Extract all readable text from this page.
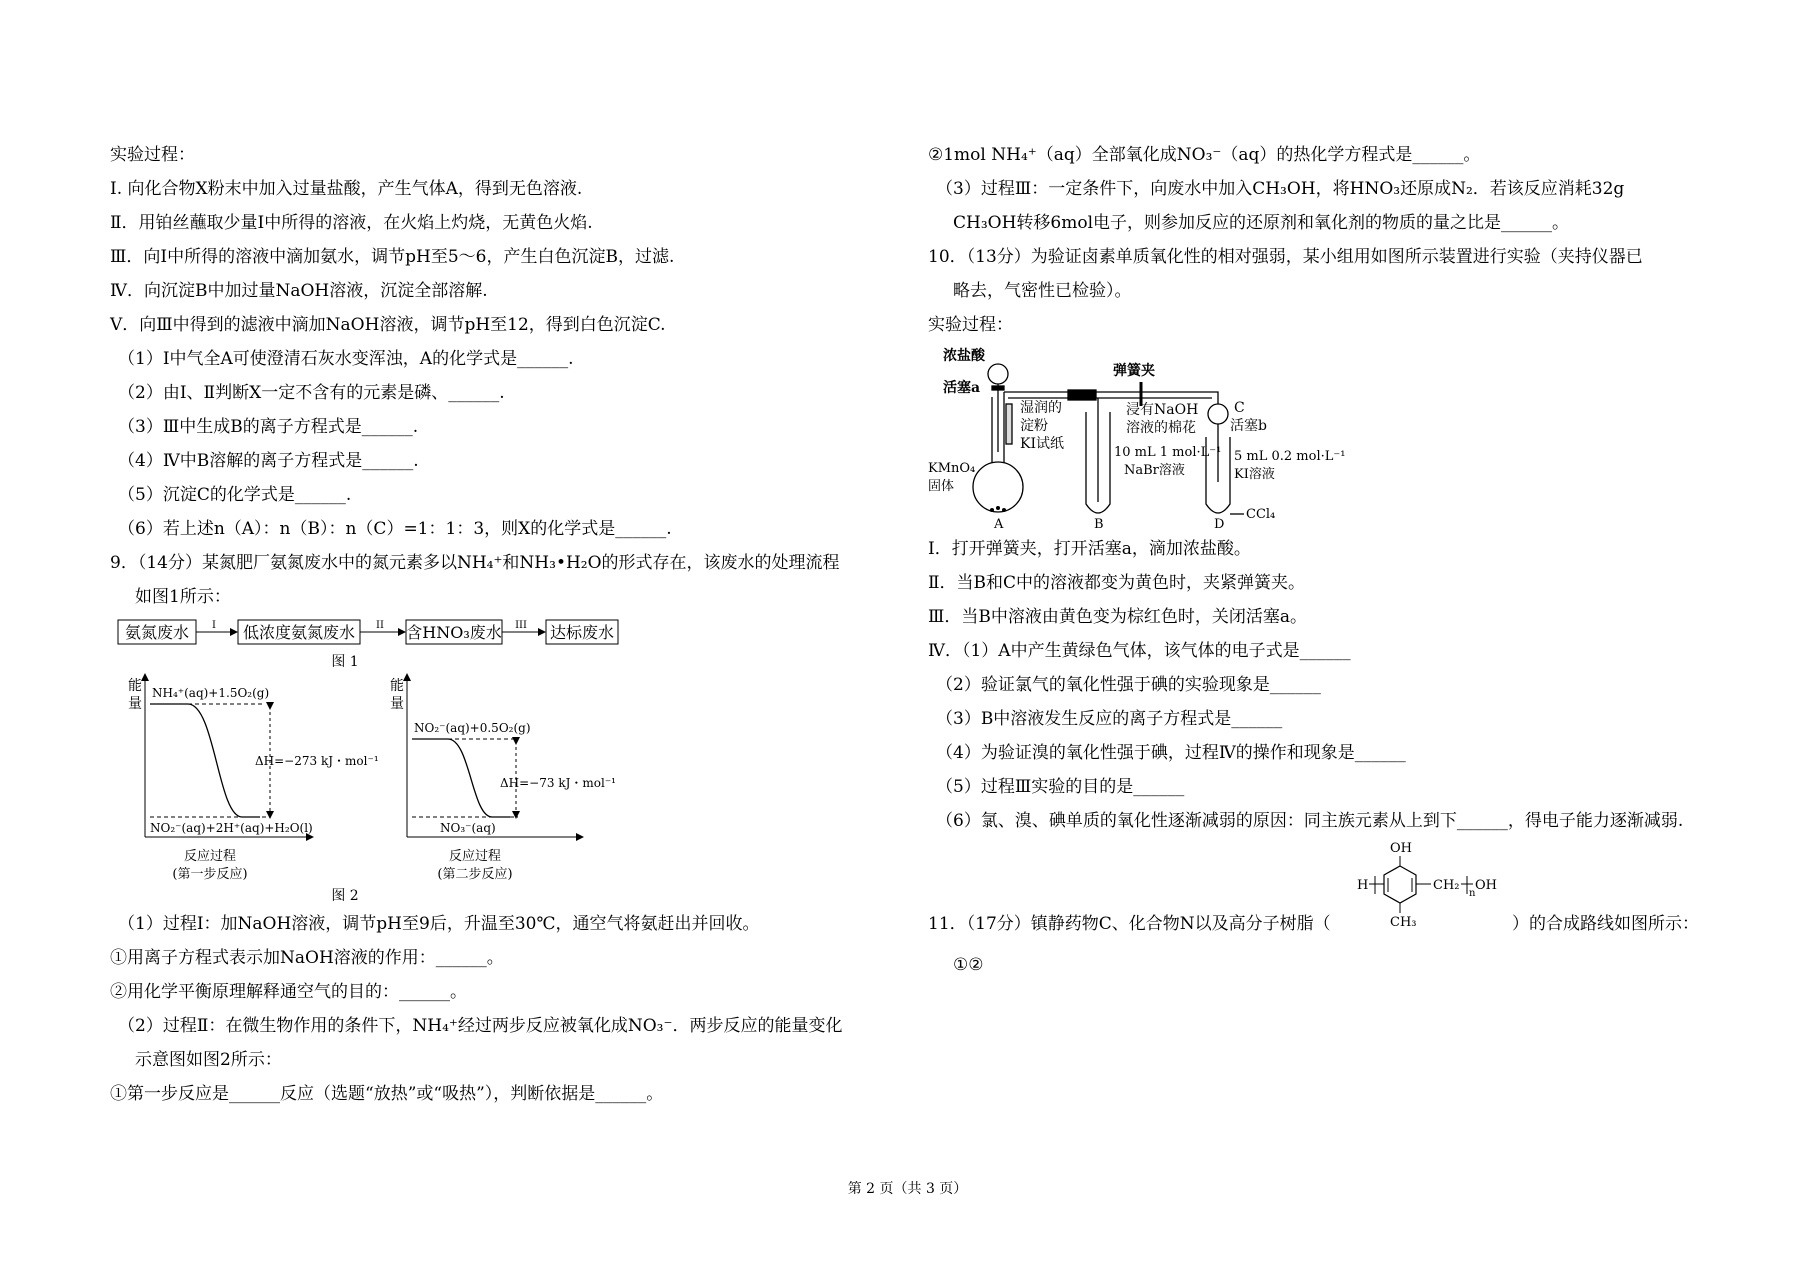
实验过程：
I. 向化合物X粉末中加入过量盐酸，产生气体A，得到无色溶液.
Ⅱ．用铂丝蘸取少量I中所得的溶液，在火焰上灼烧，无黄色火焰.
Ⅲ．向I中所得的溶液中滴加氨水，调节pH至5～6，产生白色沉淀B，过滤.
Ⅳ．向沉淀B中加过量NaOH溶液，沉淀全部溶解.
Ⅴ．向Ⅲ中得到的滤液中滴加NaOH溶液，调节pH至12，得到白色沉淀C.
（1）I中气全A可使澄清石灰水变浑浊，A的化学式是______.
（2）由I、Ⅱ判断X一定不含有的元素是磷、______.
（3）Ⅲ中生成B的离子方程式是______.
（4）Ⅳ中B溶解的离子方程式是______.
（5）沉淀C的化学式是______.
（6）若上述n（A）：n（B）：n（C）=1：1：3，则X的化学式是______.
9．（14分）某氮肥厂氨氮废水中的氮元素多以NH₄⁺和NH₃•H₂O的形式存在，该废水的处理流程
如图1所示：
氨氮废水 I 低浓度氨氮废水 II 含HNO₃废水 III 达标废水
图 1
能
量
NH₄⁺(aq)+1.5O₂(g)
NO₂⁻(aq)+2H⁺(aq)+H₂O(l)
ΔH=−273 kJ・mol⁻¹
反应过程
(第一步反应)
能
量
NO₂⁻(aq)+0.5O₂(g)
NO₃⁻(aq)
ΔH=−73 kJ・mol⁻¹
反应过程
(第二步反应)
图 2
（1）过程Ⅰ：加NaOH溶液，调节pH至9后，升温至30℃，通空气将氨赶出并回收。
①用离子方程式表示加NaOH溶液的作用：______。
②用化学平衡原理解释通空气的目的：______。
（2）过程Ⅱ：在微生物作用的条件下，NH₄⁺经过两步反应被氧化成NO₃⁻．两步反应的能量变化
示意图如图2所示：
①第一步反应是______反应（选题“放热”或“吸热”），判断依据是______。
②1mol NH₄⁺（aq）全部氧化成NO₃⁻（aq）的热化学方程式是______。
（3）过程Ⅲ：一定条件下，向废水中加入CH₃OH，将HNO₃还原成N₂．若该反应消耗32g
CH₃OH转移6mol电子，则参加反应的还原剂和氧化剂的物质的量之比是______。
10．（13分）为验证卤素单质氧化性的相对强弱，某小组用如图所示装置进行实验（夹持仪器已
略去，气密性已检验）。
实验过程：
浓盐酸
活塞a
弹簧夹
湿润的
淀粉
KI试纸
浸有NaOH
溶液的棉花
C
活塞b
10 mL 1 mol·L⁻¹
NaBr溶液
5 mL 0.2 mol·L⁻¹
KI溶液
CCl₄
KMnO₄
固体
A	B	D
Ⅰ．打开弹簧夹，打开活塞a，滴加浓盐酸。
Ⅱ．当B和C中的溶液都变为黄色时，夹紧弹簧夹。
Ⅲ．当B中溶液由黄色变为棕红色时，关闭活塞a。
Ⅳ．（1）A中产生黄绿色气体，该气体的电子式是______
（2）验证氯气的氧化性强于碘的实验现象是______
（3）B中溶液发生反应的离子方程式是______
（4）为验证溴的氧化性强于碘，过程Ⅳ的操作和现象是______
（5）过程Ⅲ实验的目的是______
（6）氯、溴、碘单质的氧化性逐渐减弱的原因：同主族元素从上到下______，得电子能力逐渐减弱.
OH
H	CH₂
n
OH
CH₃
11．（17分）镇静药物C、化合物N以及高分子树脂（	）的合成路线如图所示：
①②
第 2 页（共 3 页）
